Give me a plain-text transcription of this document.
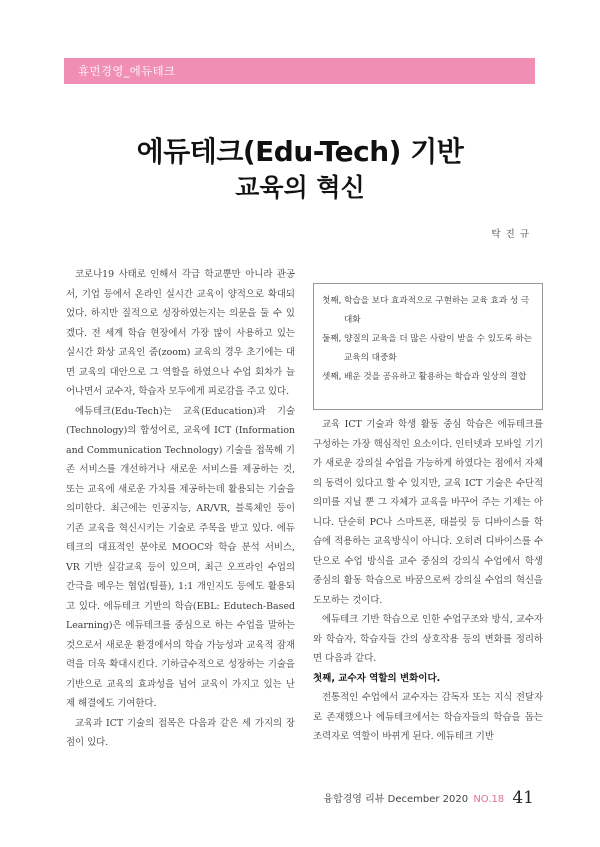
휴먼경영_에듀테크
에듀테크(Edu-Tech) 기반
교육의 혁신
탁 진 규

코로나19 사태로 인해서 각급 학교뿐만 아니라 관공서, 기업 등에서 온라인 실시간 교육이 양적으로 확대되었다. 하지만 질적으로 성장하였는지는 의문을 둘 수 있겠다. 전 세계 학습 현장에서 가장 많이 사용하고 있는 실시간 화상 교육인 줌(zoom) 교육의 경우 초기에는 대면 교육의 대안으로 그 역할을 하였으나 수업 회차가 늘어나면서 교수자, 학습자 모두에게 피로감을 주고 있다.

에듀테크(Edu-Tech)는 교육(Education)과 기술(Technology)의 합성어로, 교육에 ICT (Information and Communication Technology) 기술을 접목해 기존 서비스를 개선하거나 새로운 서비스를 제공하는 것, 또는 교육에 새로운 가치를 제공하는데 활용되는 기술을 의미한다. 최근에는 인공지능, AR/VR, 블록체인 등이 기존 교육을 혁신시키는 기술로 주목을 받고 있다. 에듀테크의 대표적인 분야로 MOOC와 학습 분석 서비스, VR 기반 실감교육 등이 있으며, 최근 오프라인 수업의 간극을 메우는 협업(팀플), 1:1 개인지도 등에도 활용되고 있다. 에듀테크 기반의 학습(EBL: Edutech-Based Learning)은 에듀테크를 중심으로 하는 수업을 말하는 것으로서 새로운 환경에서의 학습 가능성과 교육적 잠재력을 더욱 확대시킨다. 기하급수적으로 성장하는 기술을 기반으로 교육의 효과성을 넘어 교육이 가지고 있는 난제 해결에도 기여한다.

교육과 ICT 기술의 접목은 다음과 같은 세 가지의 장점이 있다.

첫째, 학습을 보다 효과적으로 구현하는 교육 효과 성 극대화
둘째, 양질의 교육을 더 많은 사람이 받을 수 있도록 하는 교육의 대중화
셋째, 배운 것을 공유하고 활용하는 학습과 일상의 결합

교육 ICT 기술과 학생 활동 중심 학습은 에듀테크를 구성하는 가장 핵심적인 요소이다. 인터넷과 모바일 기기가 새로운 강의실 수업을 가능하게 하였다는 점에서 자체의 동력이 있다고 할 수 있지만, 교육 ICT 기술은 수단적 의미를 지닐 뿐 그 자체가 교육을 바꾸어 주는 기제는 아니다. 단순히 PC나 스마트폰, 태블릿 등 디바이스를 학습에 적용하는 교육방식이 아니다. 오히려 디바이스를 수단으로 수업 방식을 교수 중심의 강의식 수업에서 학생 중심의 활동 학습으로 바꿈으로써 강의실 수업의 혁신을 도모하는 것이다.

에듀테크 기반 학습으로 인한 수업구조와 방식, 교수자와 학습자, 학습자들 간의 상호작용 등의 변화를 정리하면 다음과 같다.

첫째, 교수자 역할의 변화이다.

전통적인 수업에서 교수자는 감독자 또는 지식 전달자로 존재했으나 에듀테크에서는 학습자들의 학습을 돕는 조력자로 역할이 바뀌게 된다. 에듀테크 기반

융합경영 리뷰 December 2020 NO.18 41
